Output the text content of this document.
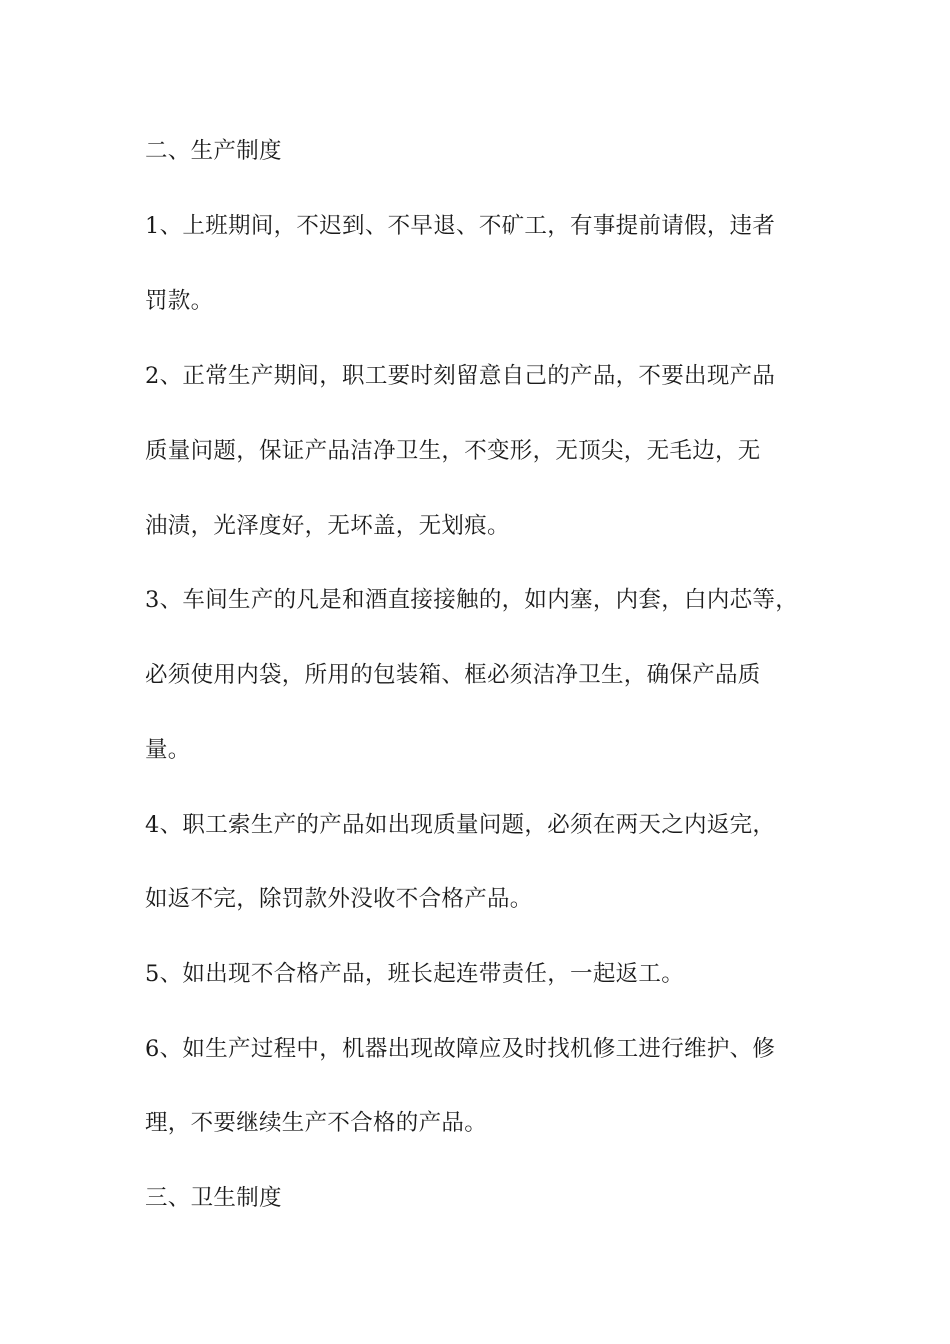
二、生产制度
1、上班期间，不迟到、不早退、不矿工，有事提前请假，违者
罚款。
2、正常生产期间，职工要时刻留意自己的产品，不要出现产品
质量问题，保证产品洁净卫生，不变形，无顶尖，无毛边，无
油渍，光泽度好，无坏盖，无划痕。
3、车间生产的凡是和酒直接接触的，如内塞，内套，白内芯等，
必须使用内袋，所用的包装箱、框必须洁净卫生，确保产品质
量。
4、职工索生产的产品如出现质量问题，必须在两天之内返完，
如返不完，除罚款外没收不合格产品。
5、如出现不合格产品，班长起连带责任，一起返工。
6、如生产过程中，机器出现故障应及时找机修工进行维护、修
理，不要继续生产不合格的产品。
三、卫生制度
